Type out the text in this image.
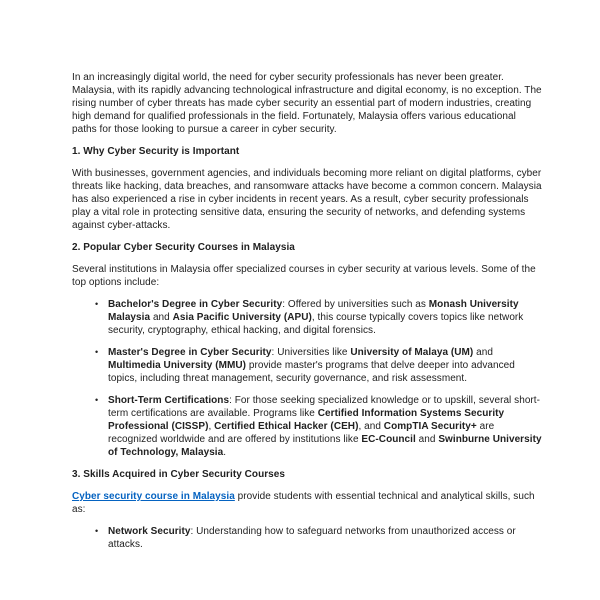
In an increasingly digital world, the need for cyber security professionals has never been greater. Malaysia, with its rapidly advancing technological infrastructure and digital economy, is no exception. The rising number of cyber threats has made cyber security an essential part of modern industries, creating high demand for qualified professionals in the field. Fortunately, Malaysia offers various educational paths for those looking to pursue a career in cyber security.

1. Why Cyber Security is Important

With businesses, government agencies, and individuals becoming more reliant on digital platforms, cyber threats like hacking, data breaches, and ransomware attacks have become a common concern. Malaysia has also experienced a rise in cyber incidents in recent years. As a result, cyber security professionals play a vital role in protecting sensitive data, ensuring the security of networks, and defending systems against cyber-attacks.

2. Popular Cyber Security Courses in Malaysia

Several institutions in Malaysia offer specialized courses in cyber security at various levels. Some of the top options include:

• Bachelor's Degree in Cyber Security: Offered by universities such as Monash University Malaysia and Asia Pacific University (APU), this course typically covers topics like network security, cryptography, ethical hacking, and digital forensics.

• Master's Degree in Cyber Security: Universities like University of Malaya (UM) and Multimedia University (MMU) provide master's programs that delve deeper into advanced topics, including threat management, security governance, and risk assessment.

• Short-Term Certifications: For those seeking specialized knowledge or to upskill, several short-term certifications are available. Programs like Certified Information Systems Security Professional (CISSP), Certified Ethical Hacker (CEH), and CompTIA Security+ are recognized worldwide and are offered by institutions like EC-Council and Swinburne University of Technology, Malaysia.

3. Skills Acquired in Cyber Security Courses

Cyber security course in Malaysia provide students with essential technical and analytical skills, such as:

• Network Security: Understanding how to safeguard networks from unauthorized access or attacks.
